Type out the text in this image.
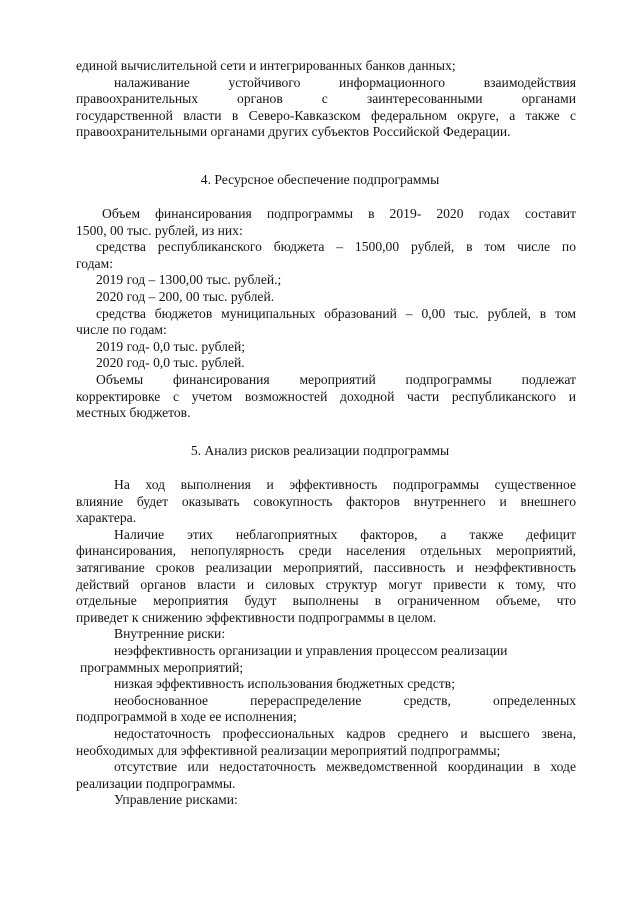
единой вычислительной сети и интегрированных банков данных;

налаживание устойчивого информационного взаимодействия

правоохранительных органов с заинтересованными органами

государственной власти в Северо-Кавказском федеральном округе, а также с

правоохранительными органами других субъектов Российской Федерации.

4. Ресурсное обеспечение подпрограммы

Объем финансирования подпрограммы в 2019- 2020 годах составит

1500, 00 тыс. рублей, из них:

средства республиканского бюджета – 1500,00 рублей, в том числе по

годам:

2019 год – 1300,00 тыс. рублей.;

2020 год – 200, 00 тыс. рублей.

средства бюджетов муниципальных образований – 0,00 тыс. рублей, в том

числе по годам:

2019 год- 0,0 тыс. рублей;

2020 год- 0,0 тыс. рублей.

Объемы финансирования мероприятий подпрограммы подлежат

корректировке с учетом возможностей доходной части республиканского и

местных бюджетов.

5. Анализ рисков реализации подпрограммы

На ход выполнения и эффективность подпрограммы существенное

влияние будет оказывать совокупность факторов внутреннего и внешнего

характера.

Наличие этих неблагоприятных факторов, а также дефицит

финансирования, непопулярность среди населения отдельных мероприятий,

затягивание сроков реализации мероприятий, пассивность и неэффективность

действий органов власти и силовых структур могут привести к тому, что

отдельные мероприятия будут выполнены в ограниченном объеме, что

приведет к снижению эффективности подпрограммы в целом.

Внутренние риски:

неэффективность организации и управления процессом реализации

программных мероприятий;

низкая эффективность использования бюджетных средств;

необоснованное перераспределение средств, определенных

подпрограммой в ходе ее исполнения;

недостаточность профессиональных кадров среднего и высшего звена,

необходимых для эффективной реализации мероприятий подпрограммы;

отсутствие или недостаточность межведомственной координации в ходе

реализации подпрограммы.

Управление рисками:
